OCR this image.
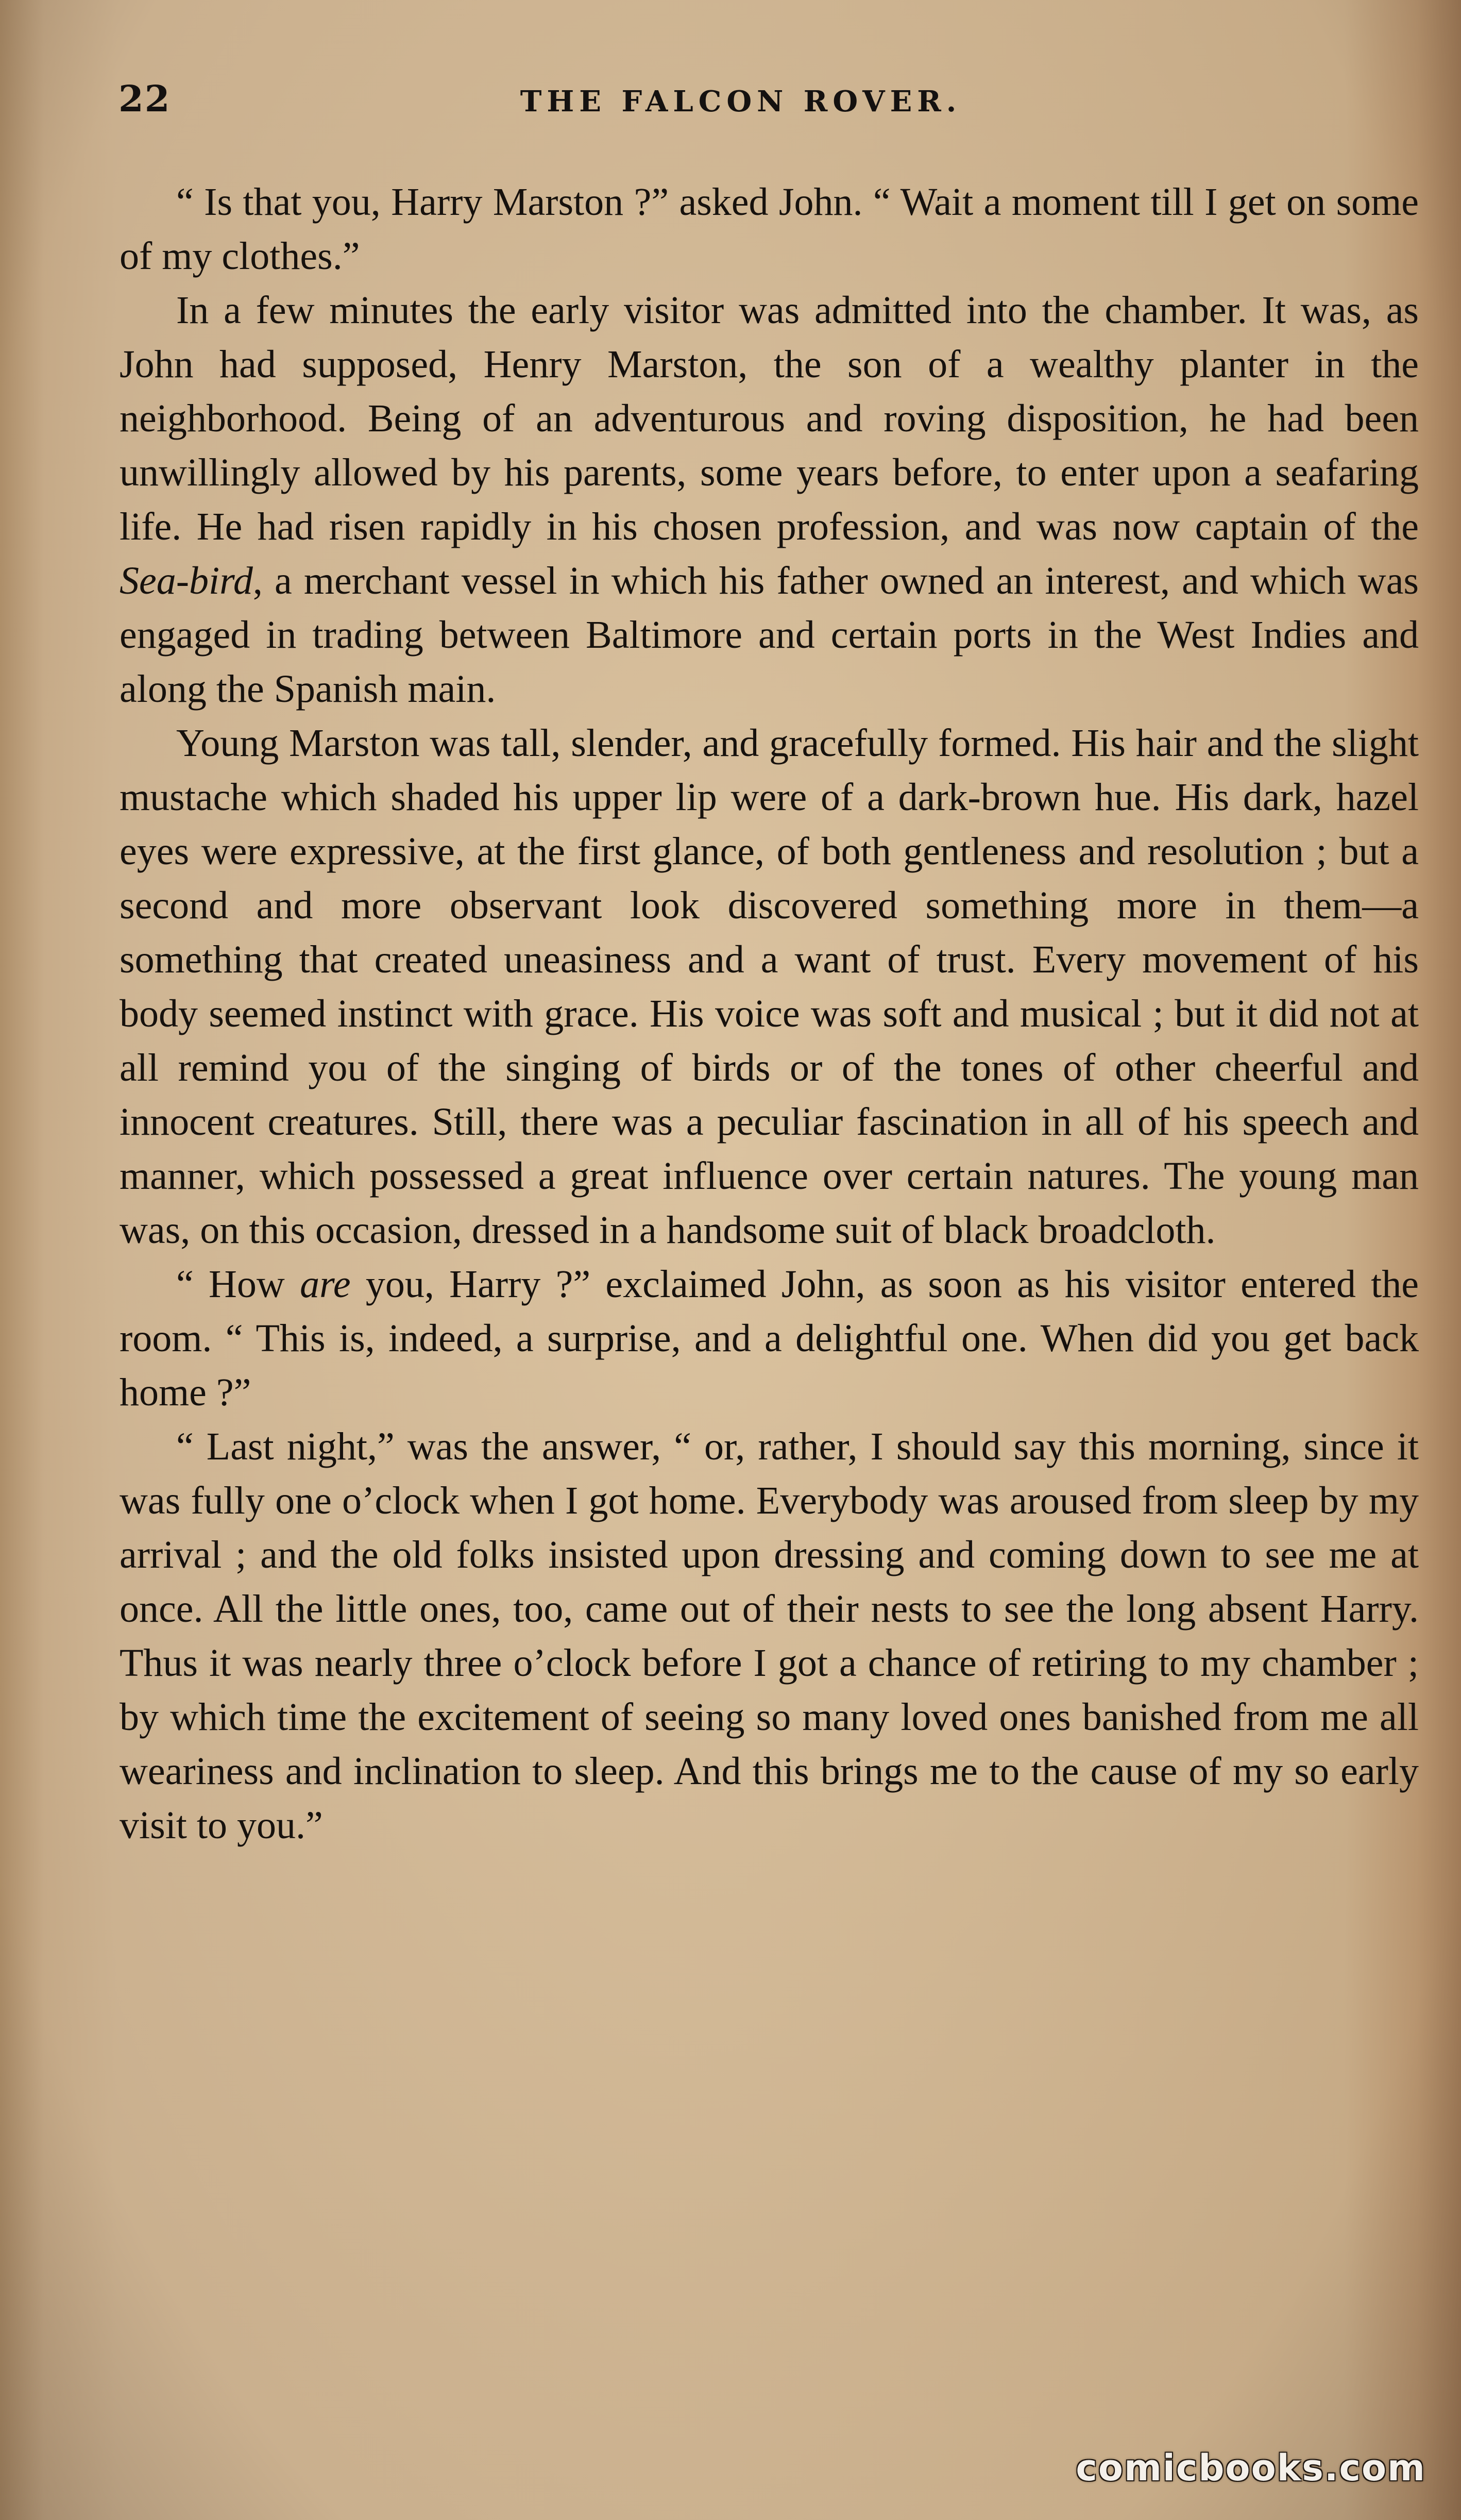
22	THE FALCON ROVER.

“ Is that you, Harry Marston ?” asked John. “ Wait a moment till I get on some of my clothes.”

In a few minutes the early visitor was admitted into the chamber. It was, as John had supposed, Henry Marston, the son of a wealthy planter in the neighborhood. Being of an adventurous and roving disposition, he had been unwillingly allowed by his parents, some years before, to enter upon a seafaring life. He had risen rapidly in his chosen profession, and was now captain of the Sea-bird, a merchant vessel in which his father owned an interest, and which was engaged in trading between Baltimore and certain ports in the West Indies and along the Spanish main.

Young Marston was tall, slender, and gracefully formed. His hair and the slight mustache which shaded his upper lip were of a dark-brown hue. His dark, hazel eyes were expressive, at the first glance, of both gentleness and resolution ; but a second and more observant look discovered something more in them—a something that created uneasiness and a want of trust. Every movement of his body seemed instinct with grace. His voice was soft and musical ; but it did not at all remind you of the singing of birds or of the tones of other cheerful and innocent creatures. Still, there was a peculiar fascination in all of his speech and manner, which possessed a great influence over certain natures. The young man was, on this occasion, dressed in a handsome suit of black broadcloth.

“ How are you, Harry ?” exclaimed John, as soon as his visitor entered the room. “ This is, indeed, a surprise, and a delightful one. When did you get back home ?”

“ Last night,” was the answer, “ or, rather, I should say this morning, since it was fully one o’clock when I got home. Everybody was aroused from sleep by my arrival ; and the old folks insisted upon dressing and coming down to see me at once. All the little ones, too, came out of their nests to see the long absent Harry. Thus it was nearly three o’clock before I got a chance of retiring to my chamber ; by which time the excitement of seeing so many loved ones banished from me all weariness and inclination to sleep. And this brings me to the cause of my so early visit to you.”

comicbooks.com
